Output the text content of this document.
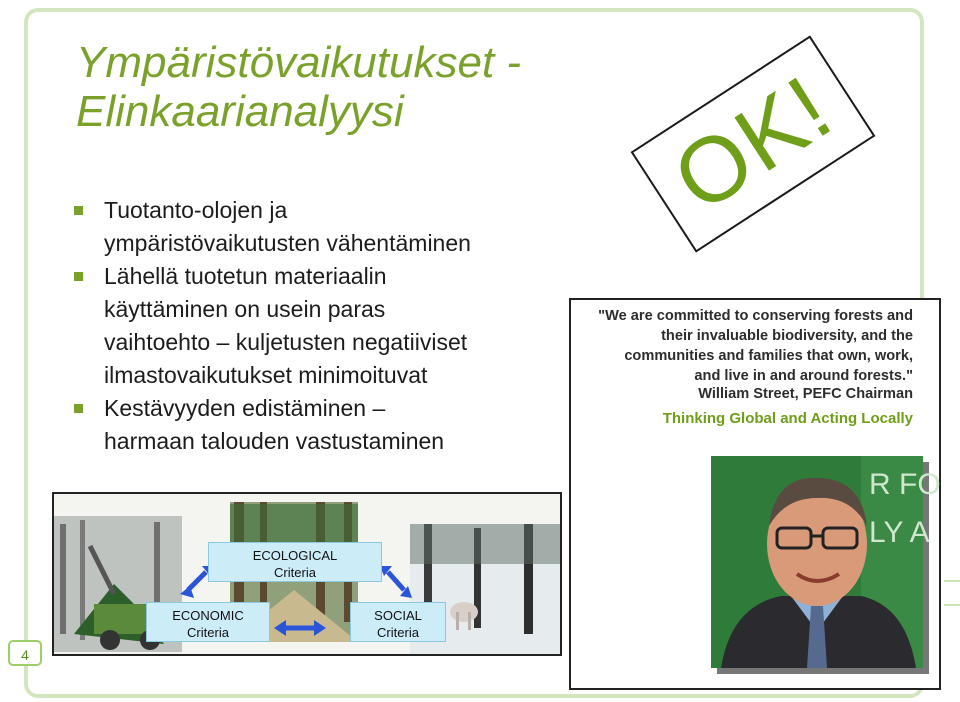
Ympäristövaikutukset -
Elinkaarianalyysi
Tuotanto-olojen ja
ympäristövaikutusten vähentäminen
Lähellä tuotetun materiaalin
käyttäminen on usein paras
vaihtoehto – kuljetusten negatiiviset
ilmastovaikutukset minimoituvat
Kestävyyden edistäminen –
harmaan talouden vastustaminen
OK!
"We are committed to conserving forests and
their invaluable biodiversity, and the
communities and families that own, work,
and live in and around forests."
William Street, PEFC Chairman
Thinking Global and Acting Locally
R FO
LY A
ECOLOGICAL
Criteria
ECONOMIC
Criteria
SOCIAL
Criteria
4
